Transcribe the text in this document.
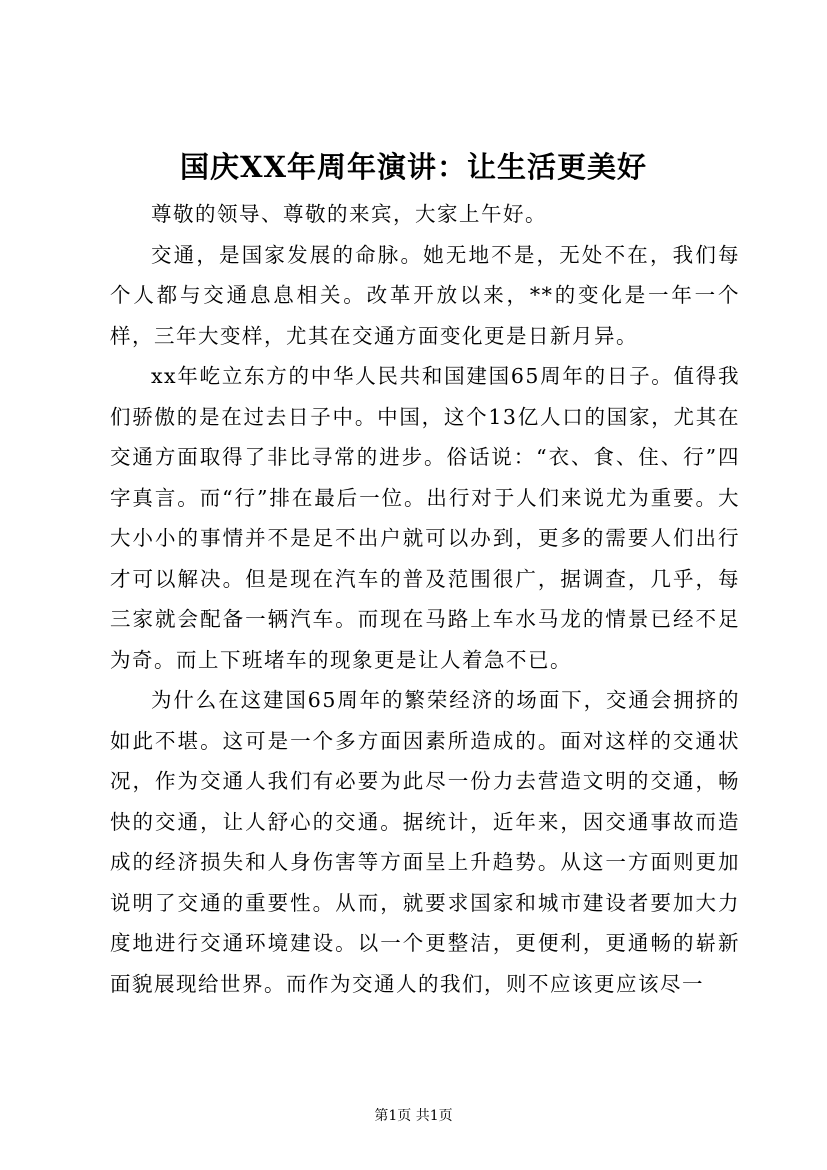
国庆XX年周年演讲：让生活更美好

尊敬的领导、尊敬的来宾，大家上午好。

交通，是国家发展的命脉。她无地不是，无处不在，我们每个人都与交通息息相关。改革开放以来，**的变化是一年一个样，三年大变样，尤其在交通方面变化更是日新月异。

xx年屹立东方的中华人民共和国建国65周年的日子。值得我们骄傲的是在过去日子中。中国，这个13亿人口的国家，尤其在交通方面取得了非比寻常的进步。俗话说：“衣、食、住、行”四字真言。而“行”排在最后一位。出行对于人们来说尤为重要。大大小小的事情并不是足不出户就可以办到，更多的需要人们出行才可以解决。但是现在汽车的普及范围很广，据调查，几乎，每三家就会配备一辆汽车。而现在马路上车水马龙的情景已经不足为奇。而上下班堵车的现象更是让人着急不已。

为什么在这建国65周年的繁荣经济的场面下，交通会拥挤的如此不堪。这可是一个多方面因素所造成的。面对这样的交通状况，作为交通人我们有必要为此尽一份力去营造文明的交通，畅快的交通，让人舒心的交通。据统计，近年来，因交通事故而造成的经济损失和人身伤害等方面呈上升趋势。从这一方面则更加说明了交通的重要性。从而，就要求国家和城市建设者要加大力度地进行交通环境建设。以一个更整洁，更便利，更通畅的崭新面貌展现给世界。而作为交通人的我们，则不应该更应该尽一

第1页 共1页
